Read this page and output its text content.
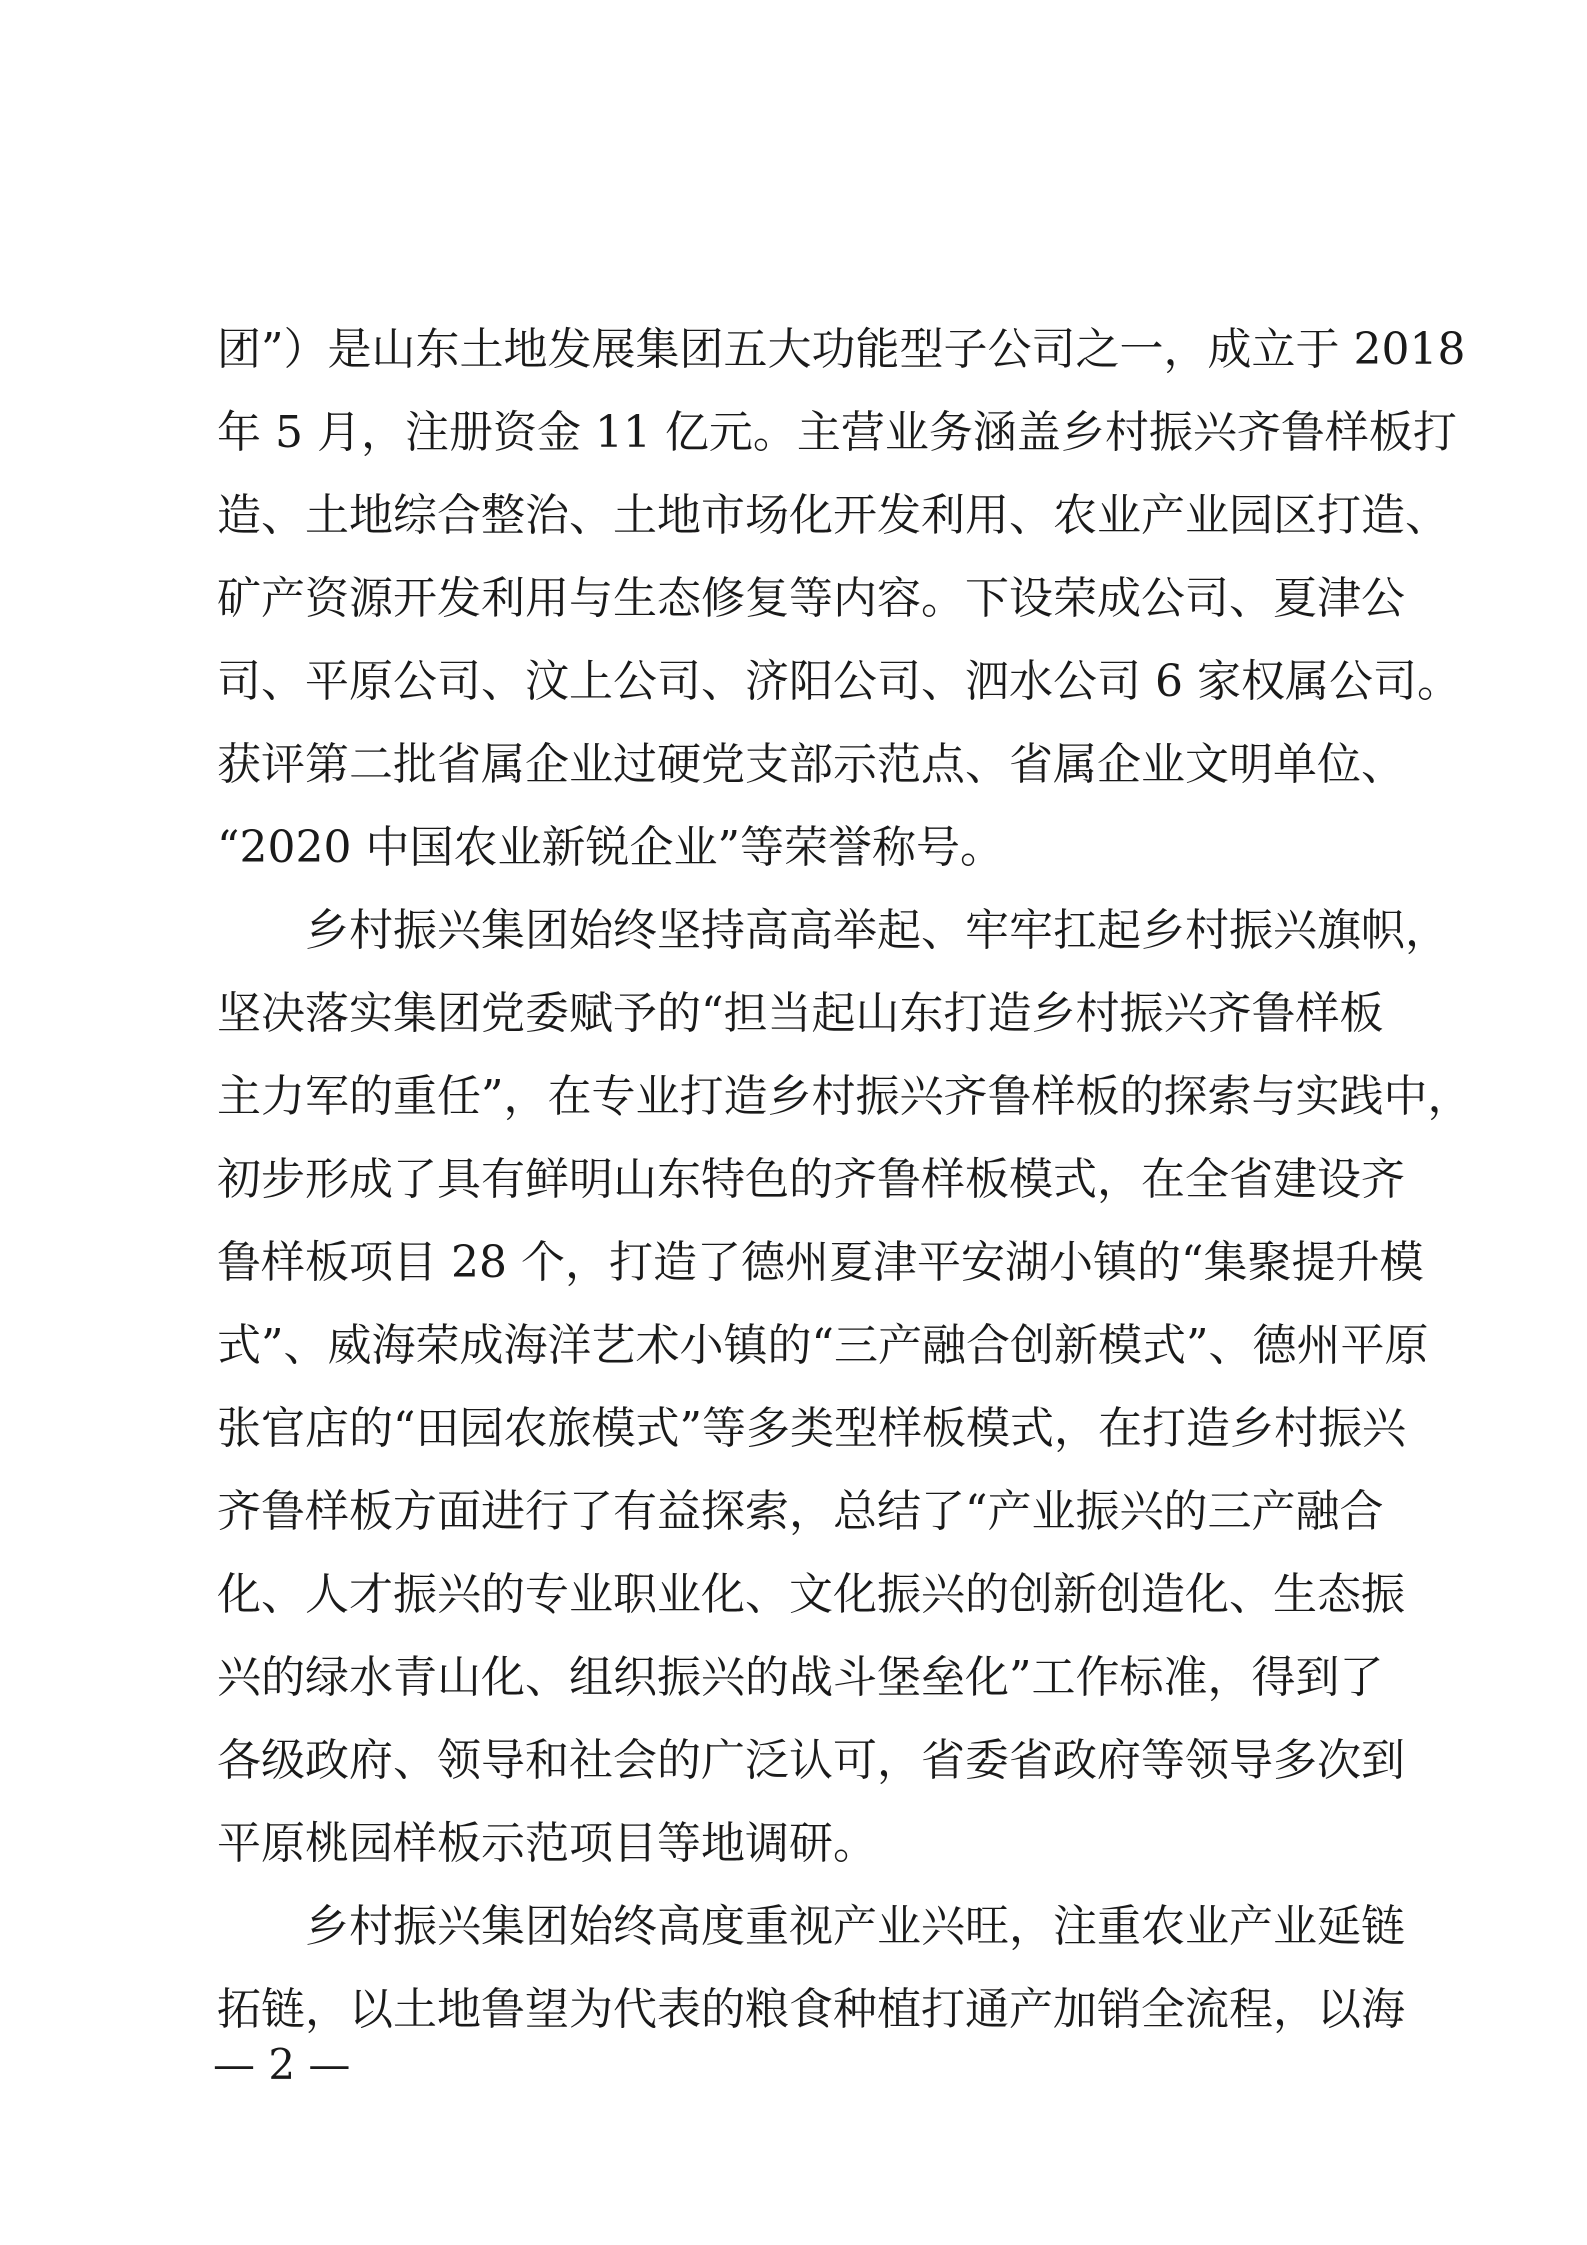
团”）是山东土地发展集团五大功能型子公司之一，成立于 2018
年 5 月，注册资金 11 亿元。主营业务涵盖乡村振兴齐鲁样板打
造、土地综合整治、土地市场化开发利用、农业产业园区打造、
矿产资源开发利用与生态修复等内容。下设荣成公司、夏津公
司、平原公司、汶上公司、济阳公司、泗水公司 6 家权属公司。
获评第二批省属企业过硬党支部示范点、省属企业文明单位、
“2020 中国农业新锐企业”等荣誉称号。
乡村振兴集团始终坚持高高举起、牢牢扛起乡村振兴旗帜，
坚决落实集团党委赋予的“担当起山东打造乡村振兴齐鲁样板
主力军的重任”，在专业打造乡村振兴齐鲁样板的探索与实践中，
初步形成了具有鲜明山东特色的齐鲁样板模式，在全省建设齐
鲁样板项目 28 个，打造了德州夏津平安湖小镇的“集聚提升模
式”、威海荣成海洋艺术小镇的“三产融合创新模式”、德州平原
张官店的“田园农旅模式”等多类型样板模式，在打造乡村振兴
齐鲁样板方面进行了有益探索，总结了“产业振兴的三产融合
化、人才振兴的专业职业化、文化振兴的创新创造化、生态振
兴的绿水青山化、组织振兴的战斗堡垒化”工作标准，得到了
各级政府、领导和社会的广泛认可，省委省政府等领导多次到
平原桃园样板示范项目等地调研。
乡村振兴集团始终高度重视产业兴旺，注重农业产业延链
拓链，以土地鲁望为代表的粮食种植打通产加销全流程，以海
— 2 —
